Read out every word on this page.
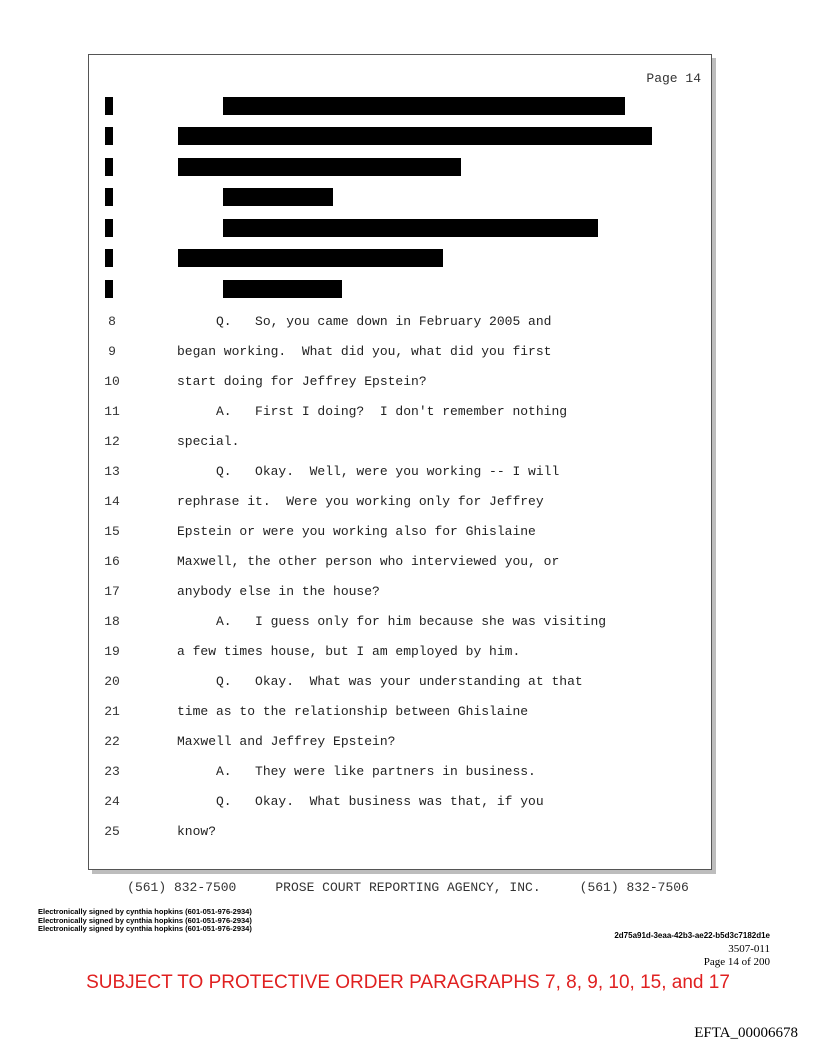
Page 14
8	Q.   So, you came down in February 2005 and
9	began working.  What did you, what did you first
10	start doing for Jeffrey Epstein?
11	A.   First I doing?  I don't remember nothing
12	special.
13	Q.   Okay.  Well, were you working -- I will
14	rephrase it.  Were you working only for Jeffrey
15	Epstein or were you working also for Ghislaine
16	Maxwell, the other person who interviewed you, or
17	anybody else in the house?
18	A.   I guess only for him because she was visiting
19	a few times house, but I am employed by him.
20	Q.   Okay.  What was your understanding at that
21	time as to the relationship between Ghislaine
22	Maxwell and Jeffrey Epstein?
23	A.   They were like partners in business.
24	Q.   Okay.  What business was that, if you
25	know?
(561) 832-7500	PROSE COURT REPORTING AGENCY, INC.	(561) 832-7506
Electronically signed by cynthia hopkins (601-051-976-2934)
Electronically signed by cynthia hopkins (601-051-976-2934)
Electronically signed by cynthia hopkins (601-051-976-2934)
2d75a91d-3eaa-42b3-ae22-b5d3c7182d1e
3507-011
Page 14 of 200
SUBJECT TO PROTECTIVE ORDER PARAGRAPHS 7, 8, 9, 10, 15, and 17
EFTA_00006678
